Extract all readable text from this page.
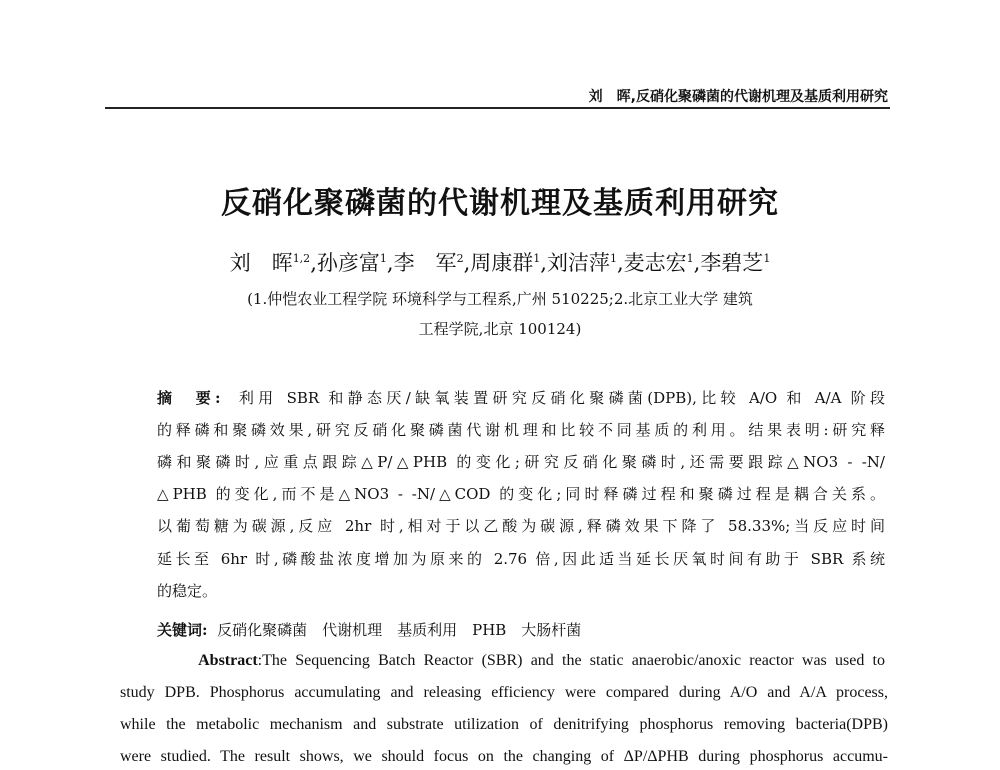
刘　晖,反硝化聚磷菌的代谢机理及基质利用研究
反硝化聚磷菌的代谢机理及基质利用研究
刘　晖$^{1,2}$,孙彦富$^1$,李　军$^2$,周康群$^1$,刘洁萍$^1$,麦志宏$^1$,李碧芝$^1$
(1.仲恺农业工程学院 环境科学与工程系,广州 510225;2.北京工业大学 建筑
工程学院,北京 100124)
摘　要: 利用 SBR 和静态厌/缺氧装置研究反硝化聚磷菌(DPB),比较 A/O 和 A/A 阶段
的释磷和聚磷效果,研究反硝化聚磷菌代谢机理和比较不同基质的利用。结果表明:研究释
磷和聚磷时,应重点跟踪△P/△PHB 的变化;研究反硝化聚磷时,还需要跟踪△NO3 - -N/
△PHB 的变化,而不是△NO3 - -N/△COD 的变化;同时释磷过程和聚磷过程是耦合关系。
以葡萄糖为碳源,反应 2hr 时,相对于以乙酸为碳源,释磷效果下降了 58.33%;当反应时间
延长至 6hr 时,磷酸盐浓度增加为原来的 2.76 倍,因此适当延长厌氧时间有助于 SBR 系统
的稳定。
关键词: 反硝化聚磷菌　代谢机理　基质利用　PHB　大肠杆菌
Abstract:The Sequencing Batch Reactor (SBR) and the static anaerobic/anoxic reactor was used to
study DPB. Phosphorus accumulating and releasing efficiency were compared during A/O and A/A process,
while the metabolic mechanism and substrate utilization of denitrifying phosphorus removing bacteria(DPB)
were studied. The result shows, we should focus on the changing of ΔP/ΔPHB during phosphorus accumu-
